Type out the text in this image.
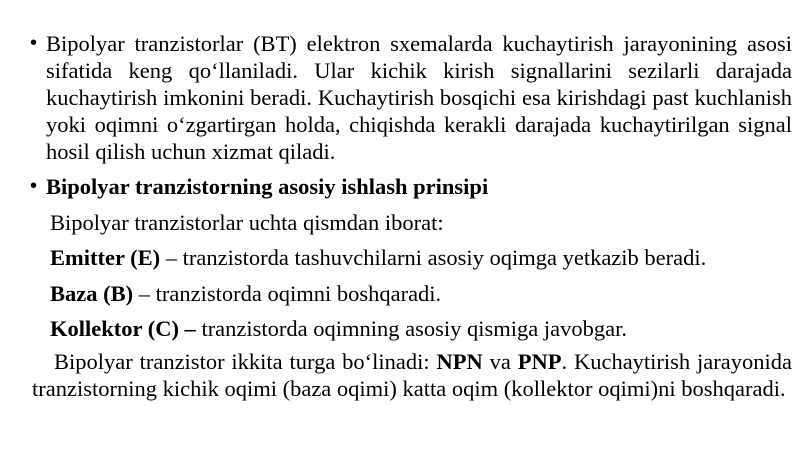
• Bipolyar tranzistorlar (BT) elektron sxemalarda kuchaytirish jarayonining asosi sifatida keng qo‘llaniladi. Ular kichik kirish signallarini sezilarli darajada kuchaytirish imkonini beradi. Kuchaytirish bosqichi esa kirishdagi past kuchlanish yoki oqimni o‘zgartirgan holda, chiqishda kerakli darajada kuchaytirilgan signal hosil qilish uchun xizmat qiladi.
• Bipolyar tranzistorning asosiy ishlash prinsipi
Bipolyar tranzistorlar uchta qismdan iborat:
Emitter (E) – tranzistorda tashuvchilarni asosiy oqimga yetkazib beradi.
Baza (B) – tranzistorda oqimni boshqaradi.
Kollektor (C) – tranzistorda oqimning asosiy qismiga javobgar.
Bipolyar tranzistor ikkita turga bo‘linadi: NPN va PNP. Kuchaytirish jarayonida tranzistorning kichik oqimi (baza oqimi) katta oqim (kollektor oqimi)ni boshqaradi.
